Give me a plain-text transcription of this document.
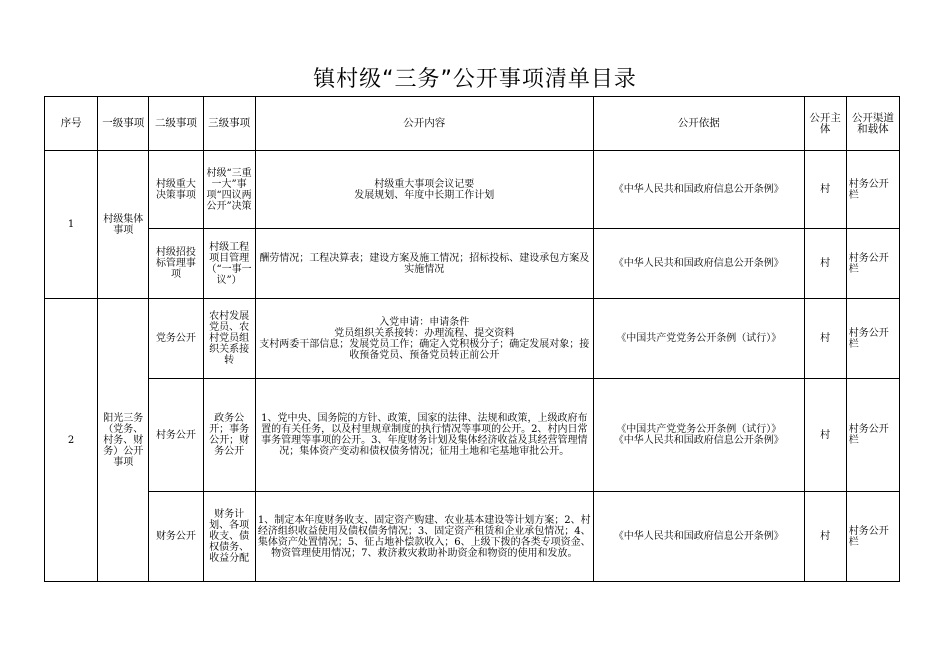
镇村级“三务”公开事项清单目录
序号	一级事项	二级事项	三级事项	公开内容	公开依据	公开主体	公开渠道和载体
1	村级集体事项	村级重大决策事项	村级“三重一大”事项“四议两公开”决策	村级重大事项会议记要
发展规划、年度中长期工作计划	《中华人民共和国政府信息公开条例》	村	村务公开栏
		村级招投标管理事项	村级工程项目管理（“一事一议”）	酬劳情况；工程决算表；建设方案及施工情况；招标投标、建设承包方案及实施情况	《中华人民共和国政府信息公开条例》	村	村务公开栏
2	阳光三务（党务、村务、财务）公开事项	党务公开	农村发展党员、农村党员组织关系接转	入党申请：申请条件
党员组织关系接转：办理流程、提交资料
支村两委干部信息；发展党员工作；确定入党积极分子；确定发展对象；接收预备党员、预备党员转正前公开	《中国共产党党务公开条例（试行）》	村	村务公开栏
		村务公开	政务公开；事务公开；财务公开	1、党中央、国务院的方针、政策，国家的法律、法规和政策，上级政府布置的有关任务，以及村里规章制度的执行情况等事项的公开。2、村内日常事务管理等事项的公开。3、年度财务计划及集体经济收益及其经营管理情况；集体资产变动和债权债务情况；征用土地和宅基地审批公开。	《中国共产党党务公开条例（试行）》
《中华人民共和国政府信息公开条例》	村	村务公开栏
		财务公开	财务计划、各项收支、债权债务、收益分配	1、制定本年度财务收支、固定资产购建、农业基本建设等计划方案；2、村经济组织收益使用及债权债务情况；3、固定资产租赁和企业承包情况；4、集体资产处置情况；5、征占地补偿款收入；6、上级下拨的各类专项资金、物资管理使用情况；7、救济救灾救助补助资金和物资的使用和发放。	《中华人民共和国政府信息公开条例》	村	村务公开栏
